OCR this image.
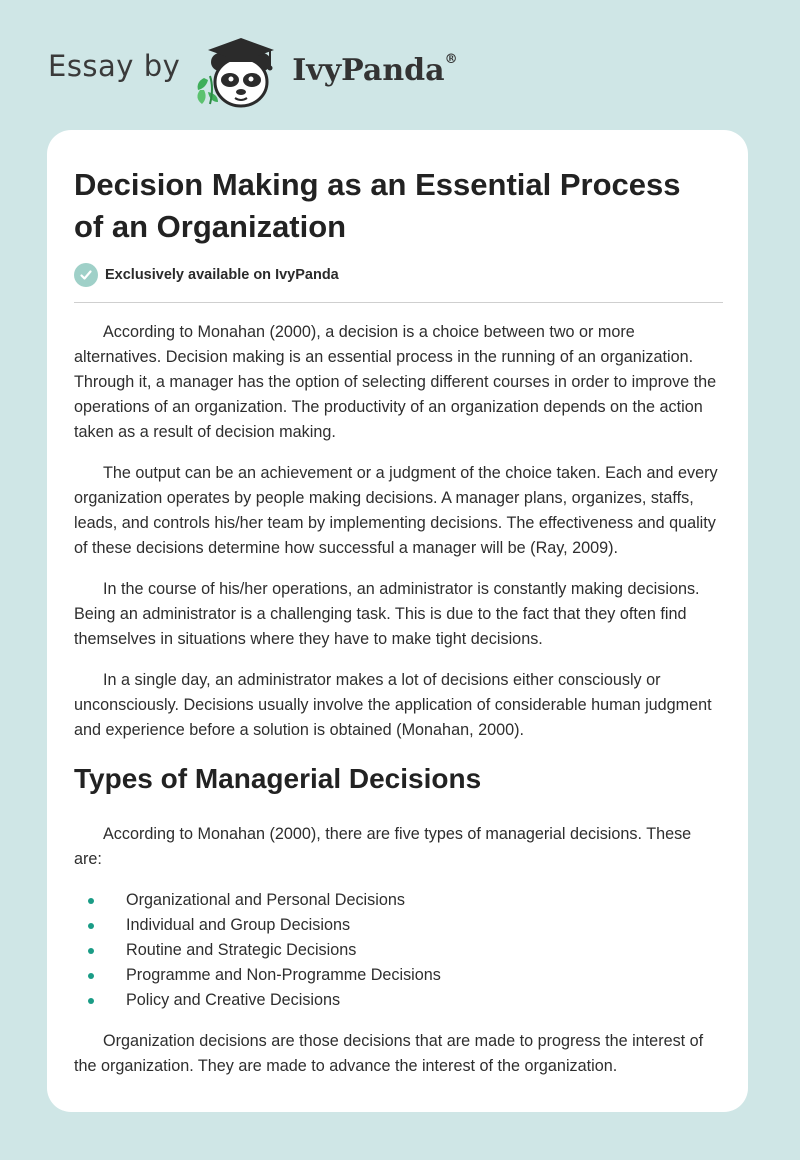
Essay by	IvyPanda®
Decision Making as an Essential Process of an Organization
Exclusively available on IvyPanda

According to Monahan (2000), a decision is a choice between two or more alternatives. Decision making is an essential process in the running of an organization. Through it, a manager has the option of selecting different courses in order to improve the operations of an organization. The productivity of an organization depends on the action taken as a result of decision making.

The output can be an achievement or a judgment of the choice taken. Each and every organization operates by people making decisions. A manager plans, organizes, staffs, leads, and controls his/her team by implementing decisions. The effectiveness and quality of these decisions determine how successful a manager will be (Ray, 2009).

In the course of his/her operations, an administrator is constantly making decisions. Being an administrator is a challenging task. This is due to the fact that they often find themselves in situations where they have to make tight decisions.

In a single day, an administrator makes a lot of decisions either consciously or unconsciously. Decisions usually involve the application of considerable human judgment and experience before a solution is obtained (Monahan, 2000).

Types of Managerial Decisions

According to Monahan (2000), there are five types of managerial decisions. These are:

Organizational and Personal Decisions
Individual and Group Decisions
Routine and Strategic Decisions
Programme and Non-Programme Decisions
Policy and Creative Decisions

Organization decisions are those decisions that are made to progress the interest of the organization. They are made to advance the interest of the organization.
